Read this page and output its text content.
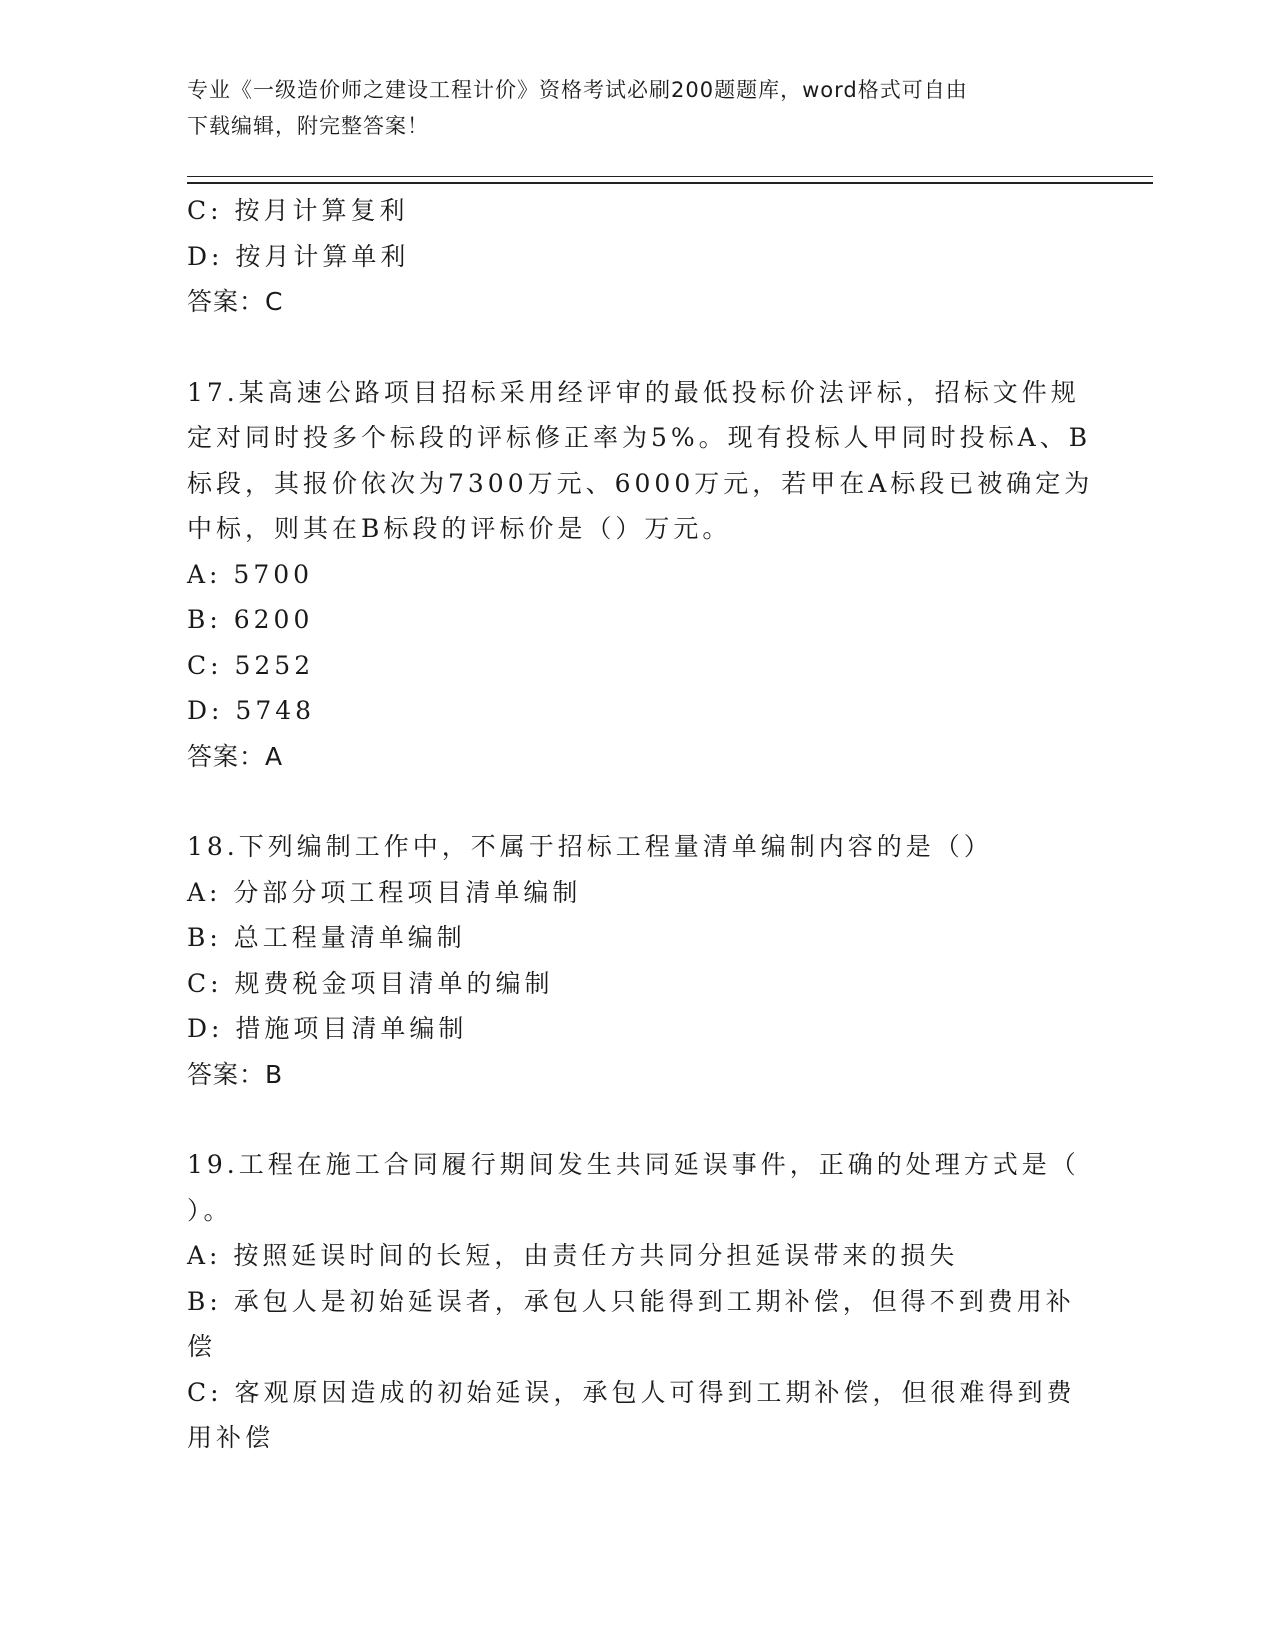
专业《一级造价师之建设工程计价》资格考试必刷200题题库，word格式可自由
下载编辑，附完整答案！
C: 按月计算复利
D: 按月计算单利
答案：C
17.某高速公路项目招标采用经评审的最低投标价法评标，招标文件规
定对同时投多个标段的评标修正率为5%。现有投标人甲同时投标A、B
标段，其报价依次为7300万元、6000万元，若甲在A标段已被确定为
中标，则其在B标段的评标价是（）万元。
A: 5700
B: 6200
C: 5252
D: 5748
答案：A
18.下列编制工作中，不属于招标工程量清单编制内容的是（）
A: 分部分项工程项目清单编制
B: 总工程量清单编制
C: 规费税金项目清单的编制
D: 措施项目清单编制
答案：B
19.工程在施工合同履行期间发生共同延误事件，正确的处理方式是（
）。
A: 按照延误时间的长短，由责任方共同分担延误带来的损失
B: 承包人是初始延误者，承包人只能得到工期补偿，但得不到费用补
偿
C: 客观原因造成的初始延误，承包人可得到工期补偿，但很难得到费
用补偿
